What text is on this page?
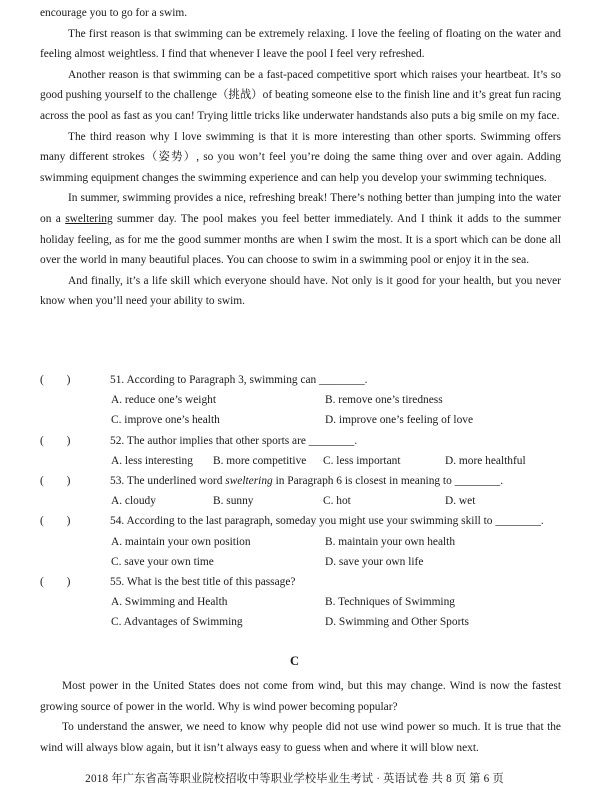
encourage you to go for a swim.

The first reason is that swimming can be extremely relaxing. I love the feeling of floating on the water and feeling almost weightless. I find that whenever I leave the pool I feel very refreshed.

Another reason is that swimming can be a fast-paced competitive sport which raises your heartbeat. It’s so good pushing yourself to the challenge（挑战）of beating someone else to the finish line and it’s great fun racing across the pool as fast as you can! Trying little tricks like underwater handstands also puts a big smile on my face.

The third reason why I love swimming is that it is more interesting than other sports. Swimming offers many different strokes（姿势）, so you won’t feel you’re doing the same thing over and over again. Adding swimming equipment changes the swimming experience and can help you develop your swimming techniques.

In summer, swimming provides a nice, refreshing break! There’s nothing better than jumping into the water on a sweltering summer day. The pool makes you feel better immediately. And I think it adds to the summer holiday feeling, as for me the good summer months are when I swim the most. It is a sport which can be done all over the world in many beautiful places. You can choose to swim in a swimming pool or enjoy it in the sea.

And finally, it’s a life skill which everyone should have. Not only is it good for your health, but you never know when you’ll need your ability to swim.

(        )	51. According to Paragraph 3, swimming can ________.
A. reduce one’s weight	B. remove one’s tiredness
C. improve one’s health	D. improve one’s feeling of love
(        )	52. The author implies that other sports are ________.
A. less interesting	B. more competitive	C. less important	D. more healthful
(        )	53. The underlined word sweltering in Paragraph 6 is closest in meaning to ________.
A. cloudy	B. sunny	C. hot	D. wet
(        )	54. According to the last paragraph, someday you might use your swimming skill to ________.
A. maintain your own position	B. maintain your own health
C. save your own time	D. save your own life
(        )	55. What is the best title of this passage?
A. Swimming and Health	B. Techniques of Swimming
C. Advantages of Swimming	D. Swimming and Other Sports
C

Most power in the United States does not come from wind, but this may change. Wind is now the fastest growing source of power in the world. Why is wind power becoming popular?

To understand the answer, we need to know why people did not use wind power so much. It is true that the wind will always blow again, but it isn’t always easy to guess when and where it will blow next.

2018 年广东省高等职业院校招收中等职业学校毕业生考试 · 英语试卷 共 8 页 第 6 页
